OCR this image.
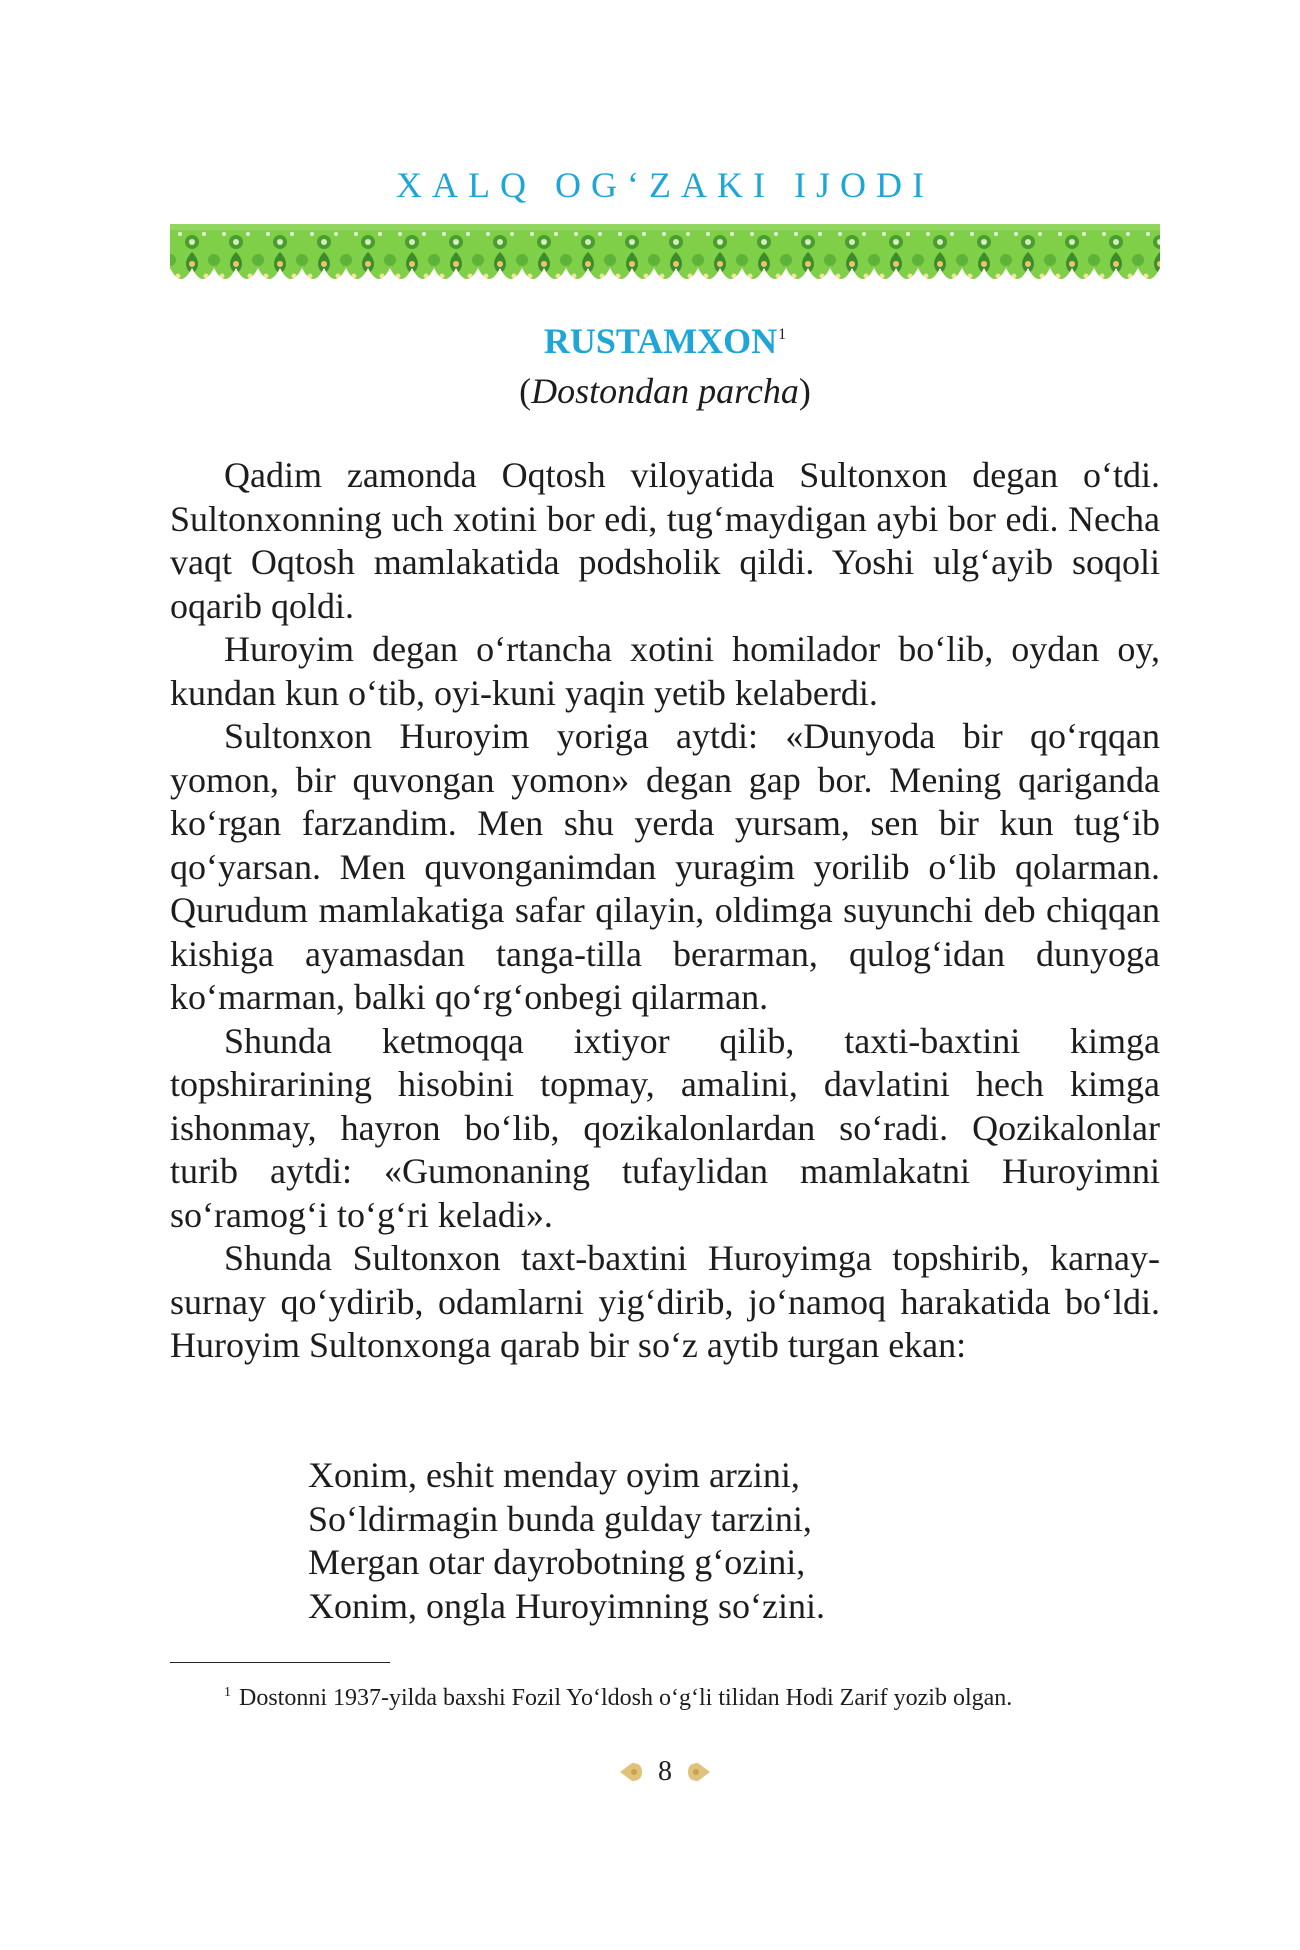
XALQ OG‘ZAKI IJODI
RUSTAMXON$^1$
(Dostondan parcha)

Qadim zamonda Oqtosh viloyatida Sultonxon degan o‘tdi. Sultonxonning uch xotini bor edi, tug‘maydigan aybi bor edi. Necha vaqt Oqtosh mamlakatida podsholik qildi. Yoshi ulg‘ayib soqoli oqarib qoldi.

Huroyim degan o‘rtancha xotini homilador bo‘lib, oydan oy, kundan kun o‘tib, oyi-kuni yaqin yetib kelaberdi.

Sultonxon Huroyim yoriga aytdi: «Dunyoda bir qo‘rqqan yomon, bir quvongan yomon» degan gap bor. Mening qariganda ko‘rgan farzandim. Men shu yerda yursam, sen bir kun tug‘ib qo‘yarsan. Men quvonganimdan yuragim yorilib o‘lib qolarman. Qurudum mamlakatiga safar qilayin, oldimga suyunchi deb chiqqan kishiga ayamasdan tanga-tilla berarman, qulog‘idan dunyoga ko‘marman, balki qo‘rg‘onbegi qilarman.

Shunda ketmoqqa ixtiyor qilib, taxti-baxtini kimga topshirarining hisobini topmay, amalini, davlatini hech kimga ishonmay, hayron bo‘lib, qozikalonlardan so‘radi. Qozikalonlar turib aytdi: «Gumonaning tufaylidan mamlakatni Huroyimni so‘ramog‘i to‘g‘ri keladi».

Shunda Sultonxon taxt-baxtini Huroyimga topshirib, karnay-surnay qo‘ydirib, odamlarni yig‘dirib, jo‘namoq harakatida bo‘ldi. Huroyim Sultonxonga qarab bir so‘z aytib turgan ekan:

Xonim, eshit menday oyim arzini,
So‘ldirmagin bunda gulday tarzini,
Mergan otar dayrobotning g‘ozini,
Xonim, ongla Huroyimning so‘zini.

$^1$ Dostonni 1937-yilda baxshi Fozil Yo‘ldosh o‘g‘li tilidan Hodi Zarif yozib olgan.

8
